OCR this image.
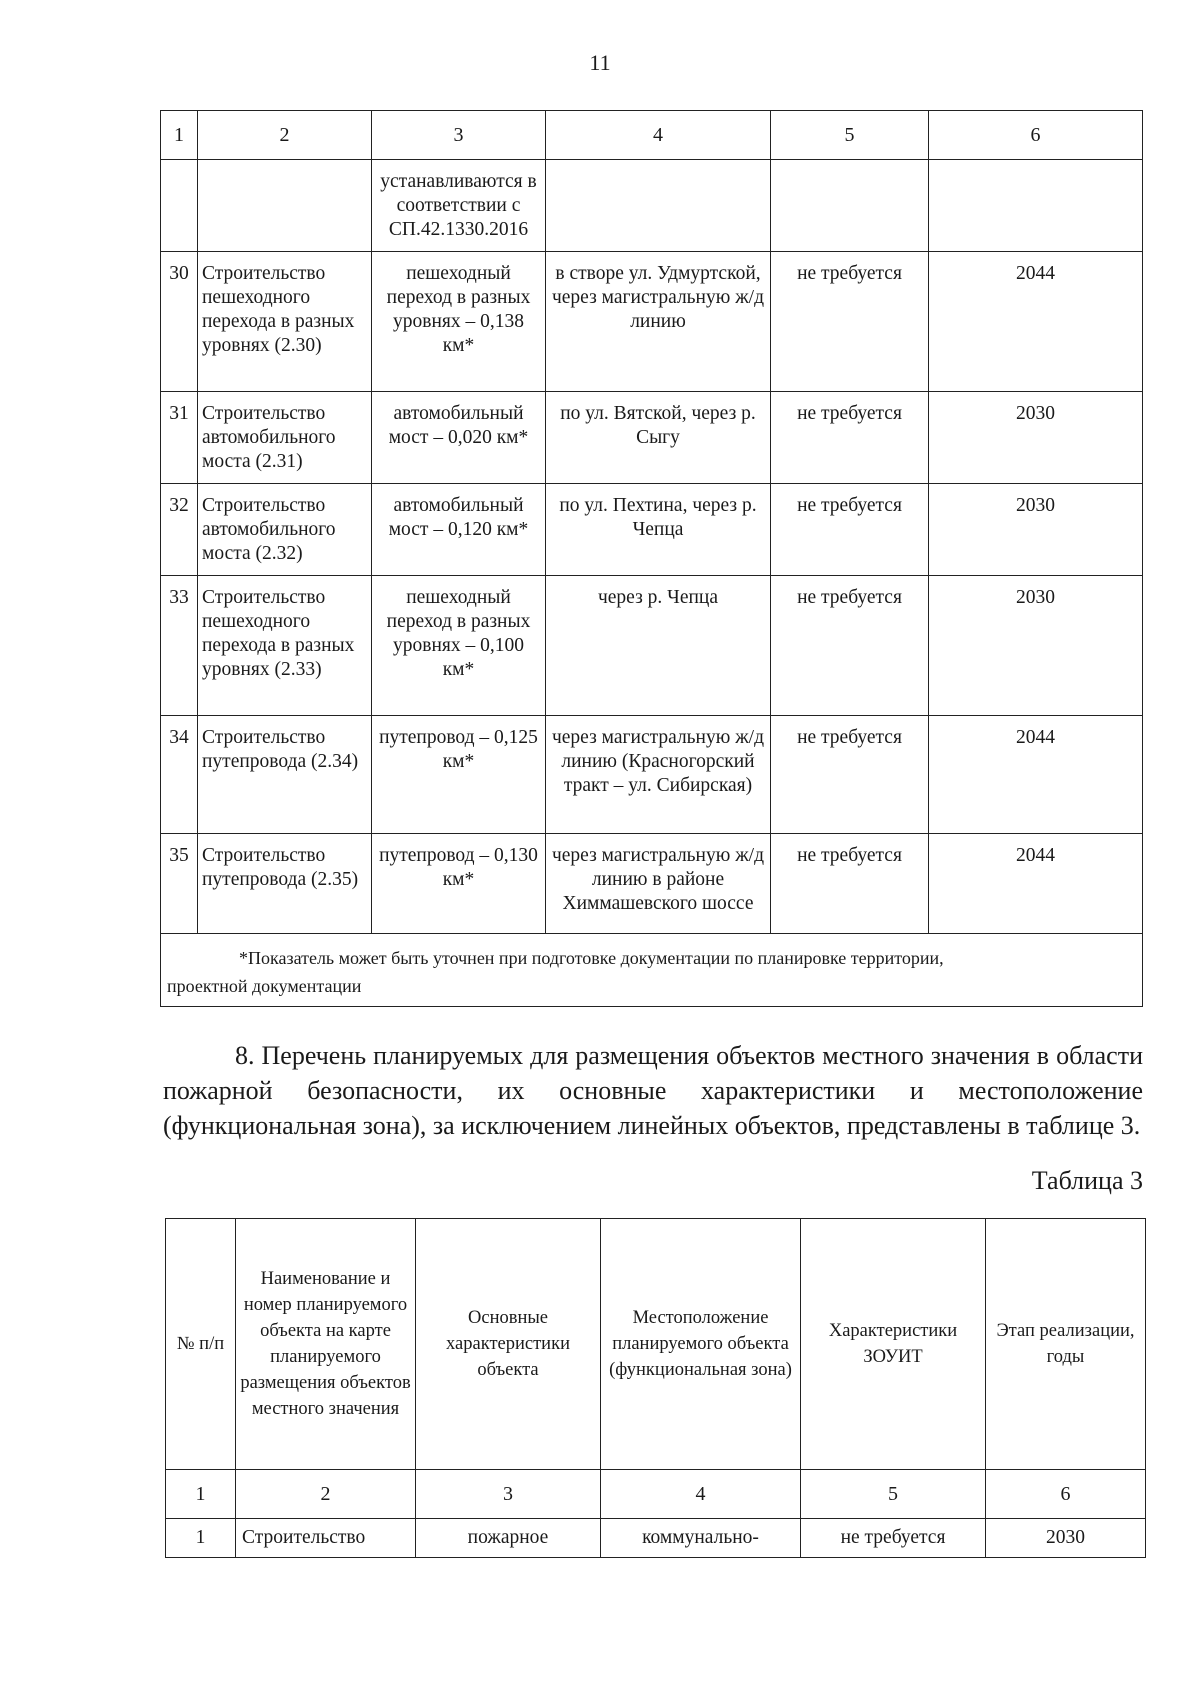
11
1	2	3	4	5	6
		устанавливаются в соответствии с СП.42.1330.2016			
30	Строительство пешеходного перехода в разных уровнях (2.30)	пешеходный переход в разных уровнях – 0,138 км*	в створе ул. Удмуртской, через магистральную ж/д линию	не требуется	2044
31	Строительство автомобильного моста (2.31)	автомобильный мост – 0,020 км*	по ул. Вятской, через р. Сыгу	не требуется	2030
32	Строительство автомобильного моста (2.32)	автомобильный мост – 0,120 км*	по ул. Пехтина, через р. Чепца	не требуется	2030
33	Строительство пешеходного перехода в разных уровнях (2.33)	пешеходный переход в разных уровнях – 0,100 км*	через р. Чепца	не требуется	2030
34	Строительство путепровода (2.34)	путепровод – 0,125 км*	через магистральную ж/д линию (Красногорский тракт – ул. Сибирская)	не требуется	2044
35	Строительство путепровода (2.35)	путепровод – 0,130 км*	через магистральную ж/д линию в районе Химмашевского шоссе	не требуется	2044

*Показатель может быть уточнен при подготовке документации по планировке территории,
проектной документации					
8. Перечень планируемых для размещения объектов местного значения в области пожарной безопасности, их основные характеристики и местоположение (функциональная зона), за исключением линейных объектов, представлены в таблице 3.
Таблица 3
№ п/п	Наименование и номер планируемого объекта на карте планируемого размещения объектов местного значения	Основные характеристики объекта	Местоположение планируемого объекта (функциональная зона)	Характеристики ЗОУИТ	Этап реализации, годы
1	2	3	4	5	6
1	Строительство	пожарное	коммунально-	не требуется	2030
